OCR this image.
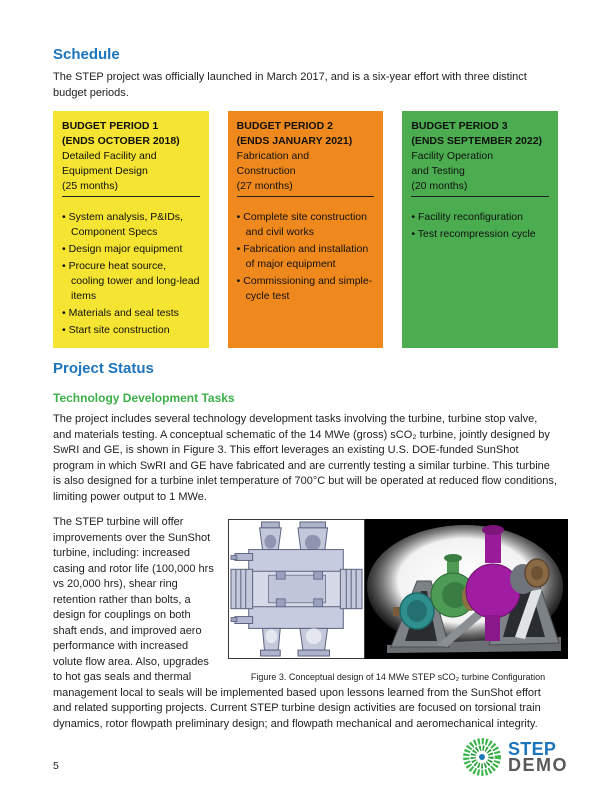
Schedule

The STEP project was officially launched in March 2017, and is a six-year effort with three distinct budget periods.

BUDGET PERIOD 1
(ENDS OCTOBER 2018)
Detailed Facility and
Equipment Design
(25 months)
• System analysis, P&IDs, Component Specs
• Design major equipment
• Procure heat source, cooling tower and long-lead items
• Materials and seal tests
• Start site construction
BUDGET PERIOD 2
(ENDS JANUARY 2021)
Fabrication and
Construction
(27 months)
• Complete site construction and civil works
• Fabrication and installation of major equipment
• Commissioning and simple-cycle test
BUDGET PERIOD 3
(ENDS SEPTEMBER 2022)
Facility Operation
and Testing
(20 months)
• Facility reconfiguration
• Test recompression cycle
Project Status
Technology Development Tasks

The project includes several technology development tasks involving the turbine, turbine stop valve, and materials testing. A conceptual schematic of the 14 MWe (gross) sCO₂ turbine, jointly designed by SwRI and GE, is shown in Figure 3. This effort leverages an existing U.S. DOE-funded SunShot program in which SwRI and GE have fabricated and are currently testing a similar turbine. This turbine is also designed for a turbine inlet temperature of 700°C but will be operated at reduced flow conditions, limiting power output to 1 MWe.

Figure 3. Conceptual design of 14 MWe STEP sCO₂ turbine Configuration

The STEP turbine will offer improvements over the SunShot turbine, including: increased casing and rotor life (100,000 hrs vs 20,000 hrs), shear ring retention rather than bolts, a design for couplings on both shaft ends, and improved aero performance with increased volute flow area. Also, upgrades to hot gas seals and thermal management local to seals will be implemented based upon lessons learned from the SunShot effort and related supporting projects. Current STEP turbine design activities are focused on torsional train dynamics, rotor flowpath preliminary design; and flowpath mechanical and aeromechanical integrity.

5
STEP
DEMO
